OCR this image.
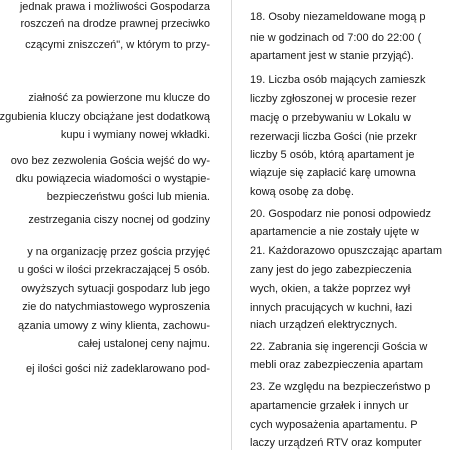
jednak prawa i możliwości Gospodarza
roszczeń na drodze prawnej przeciwko
czącymi zniszczeń", w którym to przy-
ziałność za powierzone mu klucze do
zgubienia kluczy obciążane jest dodatkową
kupu i wymiany nowej wkładki.
ovo bez zezwolenia Gościa wejść do wy-
dku powiązecia wiadomości o wystąpie-
bezpieczeństwu gości lub mienia.
zestrzegania ciszy nocnej od godziny
y na organizację przez gościa przyjęć
u gości w ilości przekraczającej 5 osób.
owyższych sytuacji gospodarz lub jego
zie do natychmiastowego wyproszenia
ązania umowy z winy klienta, zachowu-
całej ustalonej ceny najmu.
ej ilości gości niż zadeklarowano pod-
18. Osoby niezameldowane mogą p
nie w godzinach od 7:00 do 22:00 (
apartament jest w stanie przyjąć).
19. Liczba osób mających zamieszk
liczby zgłoszonej w procesie rezer
mację o przebywaniu w Lokalu w
rezerwacji liczba Gości (nie przekr
liczby 5 osób, którą apartament je
wiązuje się zapłacić karę umowna
kową osobę za dobę.
20. Gospodarz nie ponosi odpowiedz
apartamencie a nie zostały ujęte w
21. Każdorazowo opuszczając apartam
zany jest do jego zabezpieczenia
wych, okien, a także poprzez wył
innych pracujących w kuchni, łazi
niach urządzeń elektrycznych.
22. Zabrania się ingerencji Gościa w
mebli oraz zabezpieczenia apartam
23. Ze względu na bezpieczeństwo p
apartamencie grzałek i innych ur
cych wyposażenia apartamentu. P
laczy urządzeń RTV oraz komputer
